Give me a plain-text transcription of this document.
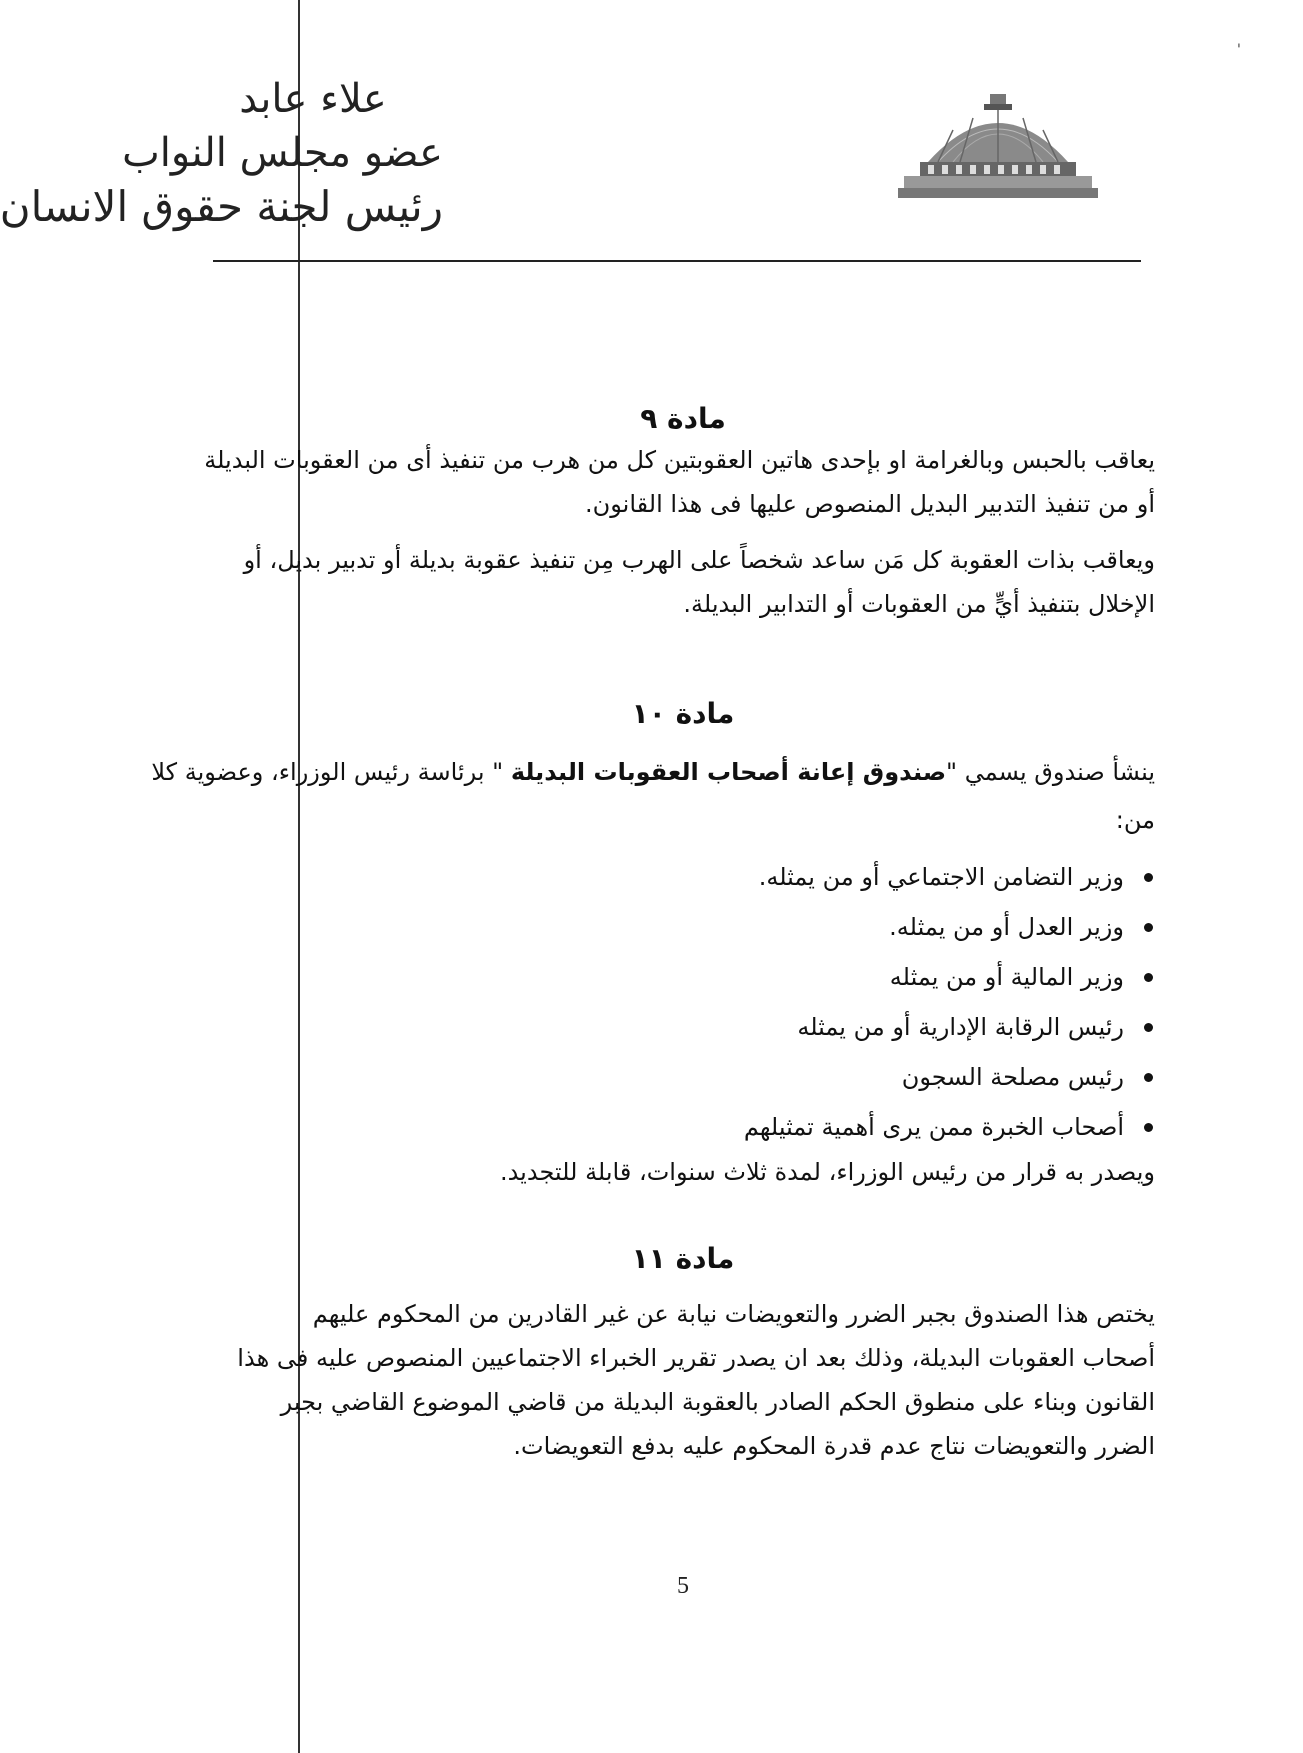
'
علاء عابد
عضو مجلس النواب
رئيس لجنة حقوق الانسان
مادة ٩
يعاقب بالحبس وبالغرامة او بإحدى هاتين العقوبتين كل من هرب من تنفيذ أى من العقوبات البديلة
أو من تنفيذ التدبير البديل المنصوص عليها فى هذا القانون.
ويعاقب بذات العقوبة كل مَن ساعد شخصاً على الهرب مِن تنفيذ عقوبة بديلة أو تدبير بديل، أو
الإخلال بتنفيذ أيٍّ من العقوبات أو التدابير البديلة.
مادة ١٠
ينشأ صندوق يسمي "صندوق إعانة أصحاب العقوبات البديلة " برئاسة رئيس الوزراء، وعضوية كلا
من:
وزير التضامن الاجتماعي أو من يمثله.
وزير العدل أو من يمثله.
وزير المالية أو من يمثله
رئيس الرقابة الإدارية أو من يمثله
رئيس مصلحة السجون
أصحاب الخبرة ممن يرى أهمية تمثيلهم
ويصدر به قرار من رئيس الوزراء، لمدة ثلاث سنوات، قابلة للتجديد.
مادة ١١
يختص هذا الصندوق بجبر الضرر والتعويضات نيابة عن غير القادرين من المحكوم عليهم
أصحاب العقوبات البديلة، وذلك بعد ان يصدر تقرير الخبراء الاجتماعيين المنصوص عليه فى هذا
القانون وبناء على منطوق الحكم الصادر بالعقوبة البديلة من قاضي الموضوع القاضي بجبر
الضرر والتعويضات نتاج عدم قدرة المحكوم عليه بدفع التعويضات.
5
